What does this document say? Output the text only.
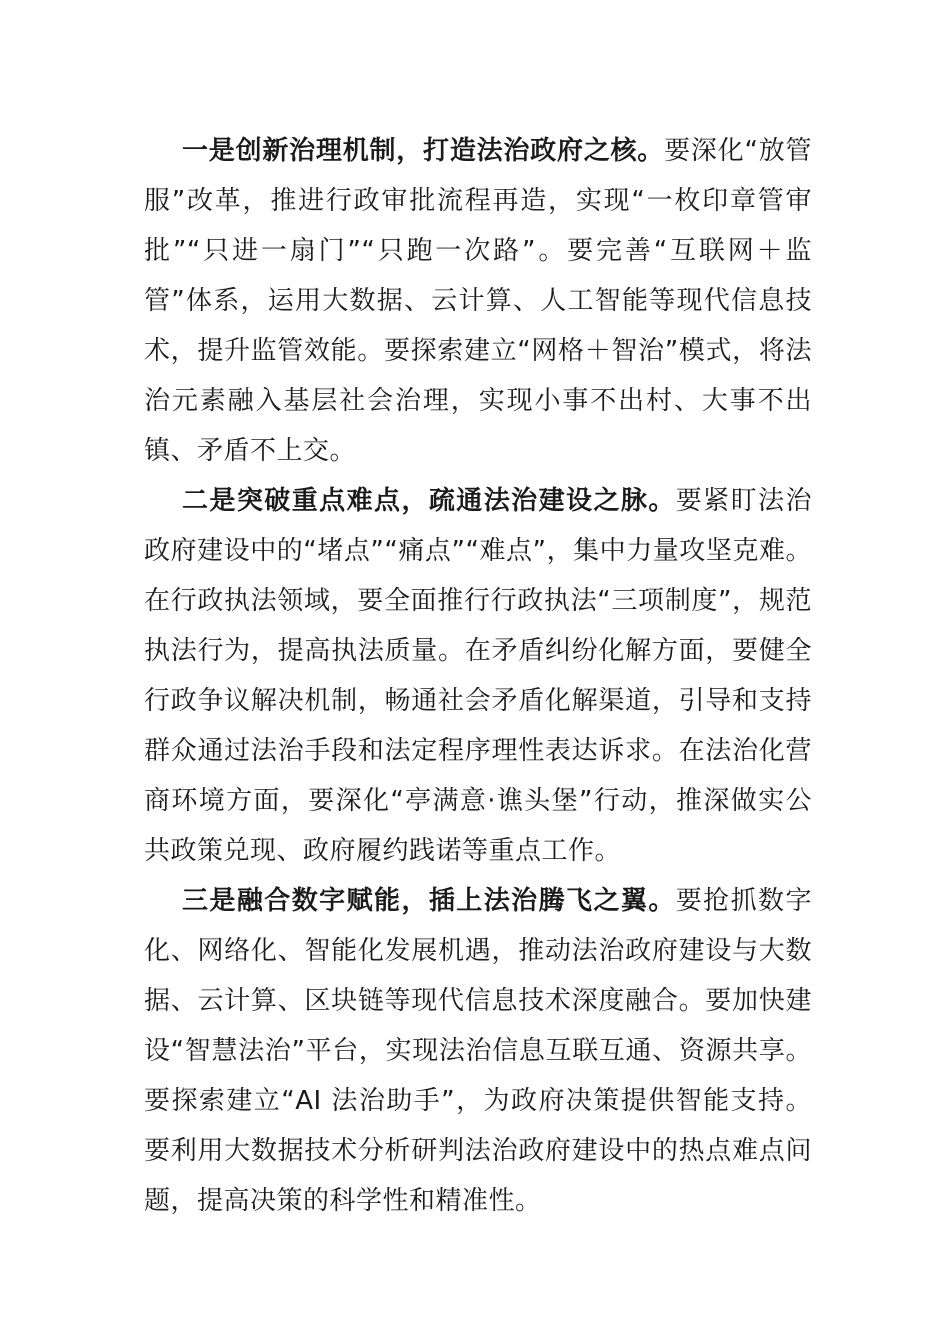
一是创新治理机制，打造法治政府之核。要深化“放管服”改革，推进行政审批流程再造，实现“一枚印章管审批”“只进一扇门”“只跑一次路”。要完善“互联网＋监管”体系，运用大数据、云计算、人工智能等现代信息技术，提升监管效能。要探索建立“网格＋智治”模式，将法治元素融入基层社会治理，实现小事不出村、大事不出镇、矛盾不上交。

二是突破重点难点，疏通法治建设之脉。要紧盯法治政府建设中的“堵点”“痛点”“难点”，集中力量攻坚克难。在行政执法领域，要全面推行行政执法“三项制度”，规范执法行为，提高执法质量。在矛盾纠纷化解方面，要健全行政争议解决机制，畅通社会矛盾化解渠道，引导和支持群众通过法治手段和法定程序理性表达诉求。在法治化营商环境方面，要深化“亭满意·谯头堡”行动，推深做实公共政策兑现、政府履约践诺等重点工作。

三是融合数字赋能，插上法治腾飞之翼。要抢抓数字化、网络化、智能化发展机遇，推动法治政府建设与大数据、云计算、区块链等现代信息技术深度融合。要加快建设“智慧法治”平台，实现法治信息互联互通、资源共享。要探索建立“AI 法治助手”，为政府决策提供智能支持。要利用大数据技术分析研判法治政府建设中的热点难点问题，提高决策的科学性和精准性。
